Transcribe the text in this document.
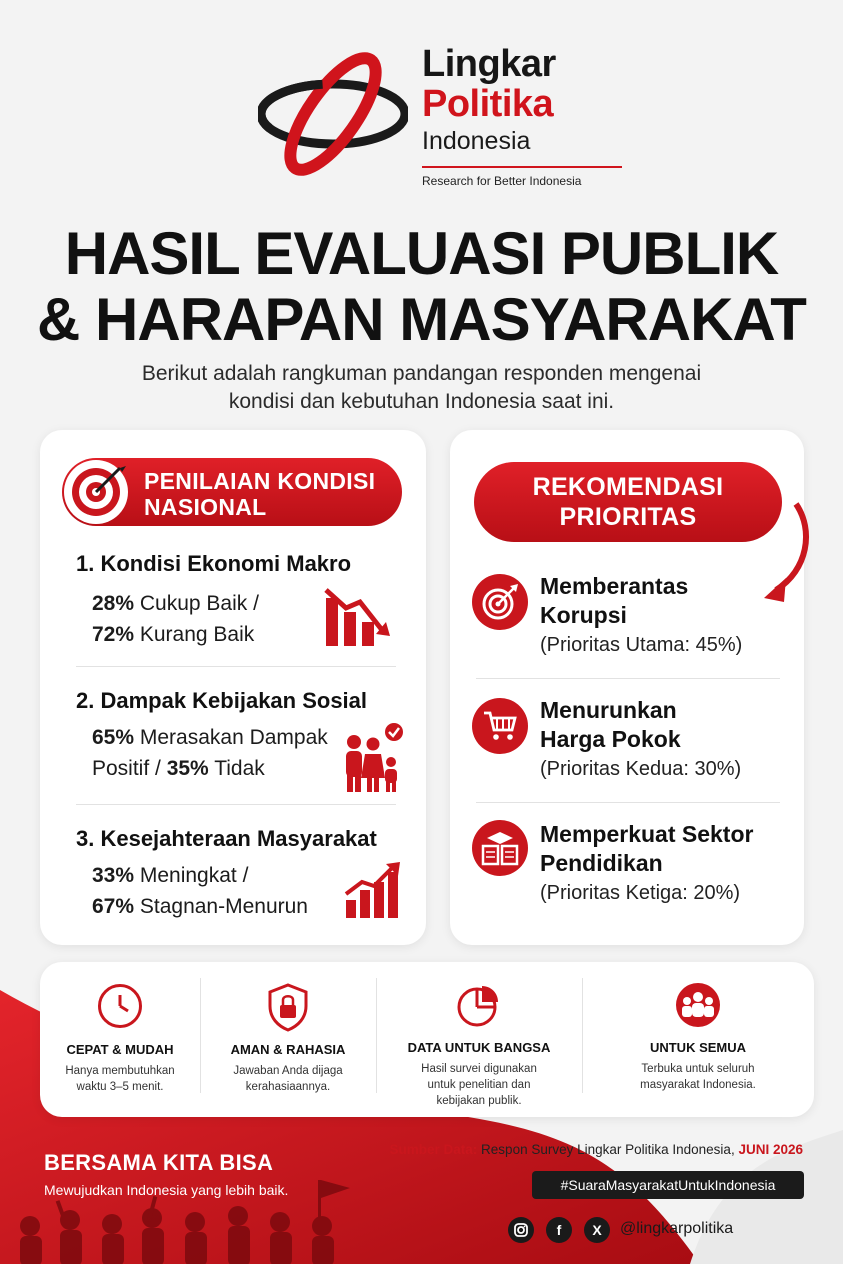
Lingkar
Politika
Indonesia
Research for Better Indonesia
HASIL EVALUASI PUBLIK
& HARAPAN MASYARAKAT
Berikut adalah rangkuman pandangan responden mengenai
kondisi dan kebutuhan Indonesia saat ini.
PENILAIAN KONDISI
NASIONAL
1. Kondisi Ekonomi Makro
28% Cukup Baik /
72% Kurang Baik
2. Dampak Kebijakan Sosial
65% Merasakan Dampak
Positif / 35% Tidak
3. Kesejahteraan Masyarakat
33% Meningkat /
67% Stagnan-Menurun
REKOMENDASI
PRIORITAS
Memberantas
Korupsi
(Prioritas Utama: 45%)
Menurunkan
Harga Pokok
(Prioritas Kedua: 30%)
Memperkuat Sektor
Pendidikan
(Prioritas Ketiga: 20%)
CEPAT & MUDAH
Hanya membutuhkan
waktu 3–5 menit.
AMAN & RAHASIA
Jawaban Anda dijaga
kerahasiaannya.
DATA UNTUK BANGSA
Hasil survei digunakan
untuk penelitian dan
kebijakan publik.
UNTUK SEMUA
Terbuka untuk seluruh
masyarakat Indonesia.
BERSAMA KITA BISA
Mewujudkan Indonesia yang lebih baik.
Sumber Data: Respon Survey Lingkar Politika Indonesia, JUNI 2026
#SuaraMasyarakatUntukIndonesia
f	X	@lingkarpolitika
